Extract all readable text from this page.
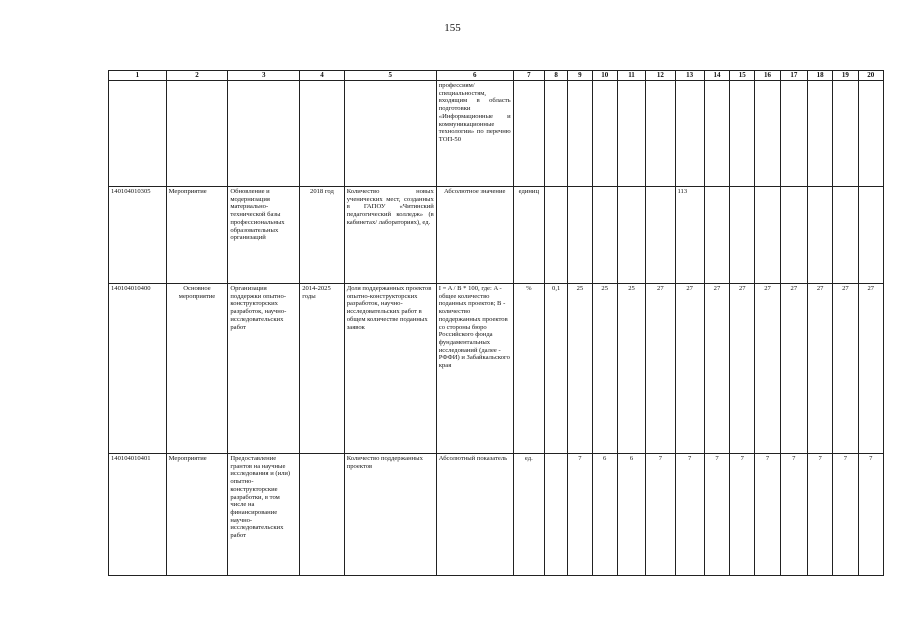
155
1	2	3	4	5	6	7	8	9	10	11	12	13	14	15	16	17	18	19	20
					профессиям/специальностям, входящим в область подготовки «Информационные и коммуникационные технологии» по перечню ТОП-50														
140104010305	Мероприятие	Обновление и модернизация материально-технической базы профессиональных образовательных организаций	2018 год	Количество новых ученических мест, созданных в ГАПОУ «Читинский педагогический колледж» (в кабинетах/ лабораториях), ед.	Абсолютное значение	единиц						113							
140104010400	Основное мероприятие	Организация поддержки опытно-конструкторских разработок, научно-исследовательских работ	2014-2025 годы	Доля поддержанных проектов опытно-конструкторских разработок, научно-исследовательских работ в общем количестве поданных заявок	I = A / B * 100, где: A - общее количество поданных проектов; B - количество поддержанных проектов со стороны бюро Российского фонда фундаментальных исследований (далее - РФФИ) и Забайкальского края	%	0,1	25	25	25	27	27	27	27	27	27	27	27	27
140104010401	Мероприятие	Предоставление грантов на научные исследования и (или) опытно-конструкторские разработки, в том числе на финансирование научно-исследовательских работ		Количество поддержанных проектов	Абсолютный показатель	ед.		7	6	6	7	7	7	7	7	7	7	7	7
